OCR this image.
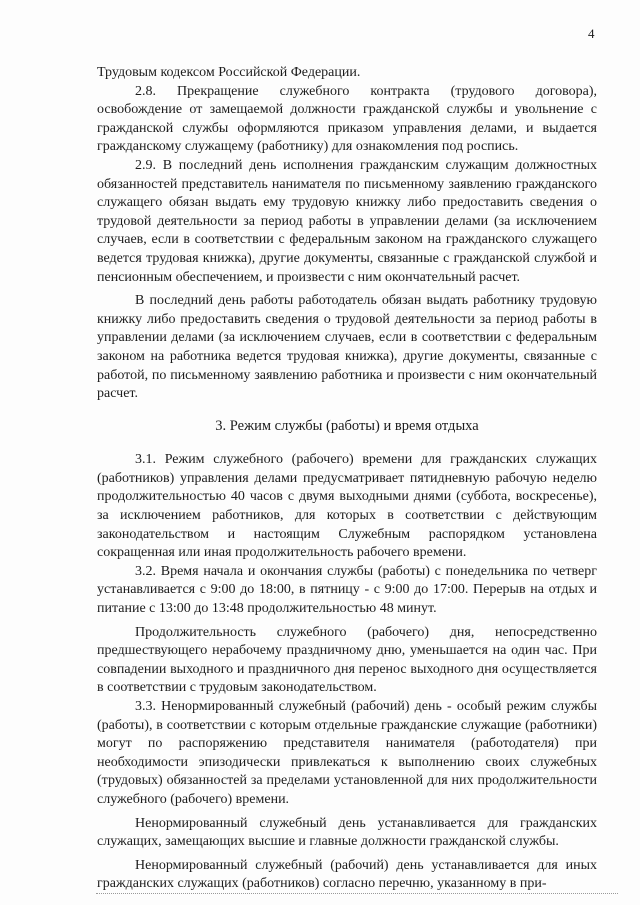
4

Трудовым кодексом Российской Федерации.

2.8. Прекращение служебного контракта (трудового договора), освобождение от замещаемой должности гражданской службы и увольнение с гражданской службы оформляются приказом управления делами, и выдается гражданскому служащему (работнику) для ознакомления под роспись.

2.9. В последний день исполнения гражданским служащим должностных обязанностей представитель нанимателя по письменному заявлению гражданского служащего обязан выдать ему трудовую книжку либо предоставить сведения о трудовой деятельности за период работы в управлении делами (за исключением случаев, если в соответствии с федеральным законом на гражданского служащего ведется трудовая книжка), другие документы, связанные с гражданской службой и пенсионным обеспечением, и произвести с ним окончательный расчет.

В последний день работы работодатель обязан выдать работнику трудовую книжку либо предоставить сведения о трудовой деятельности за период работы в управлении делами (за исключением случаев, если в соответствии с федеральным законом на работника ведется трудовая книжка), другие документы, связанные с работой, по письменному заявлению работника и произвести с ним окончательный расчет.

3. Режим службы (работы) и время отдыха

3.1. Режим служебного (рабочего) времени для гражданских служащих (работников) управления делами предусматривает пятидневную рабочую неделю продолжительностью 40 часов с двумя выходными днями (суббота, воскресенье), за исключением работников, для которых в соответствии с действующим законодательством и настоящим Служебным распорядком установлена сокращенная или иная продолжительность рабочего времени.

3.2. Время начала и окончания службы (работы) с понедельника по четверг устанавливается с 9:00 до 18:00, в пятницу - с 9:00 до 17:00. Перерыв на отдых и питание с 13:00 до 13:48 продолжительностью 48 минут.

Продолжительность служебного (рабочего) дня, непосредственно предшествующего нерабочему праздничному дню, уменьшается на один час. При совпадении выходного и праздничного дня перенос выходного дня осуществляется в соответствии с трудовым законодательством.

3.3. Ненормированный служебный (рабочий) день - особый режим службы (работы), в соответствии с которым отдельные гражданские служащие (работники) могут по распоряжению представителя нанимателя (работодателя) при необходимости эпизодически привлекаться к выполнению своих служебных (трудовых) обязанностей за пределами установленной для них продолжительности служебного (рабочего) времени.

Ненормированный служебный день устанавливается для гражданских служащих, замещающих высшие и главные должности гражданской службы.

Ненормированный служебный (рабочий) день устанавливается для иных гражданских служащих (работников) согласно перечню, указанному в при-
